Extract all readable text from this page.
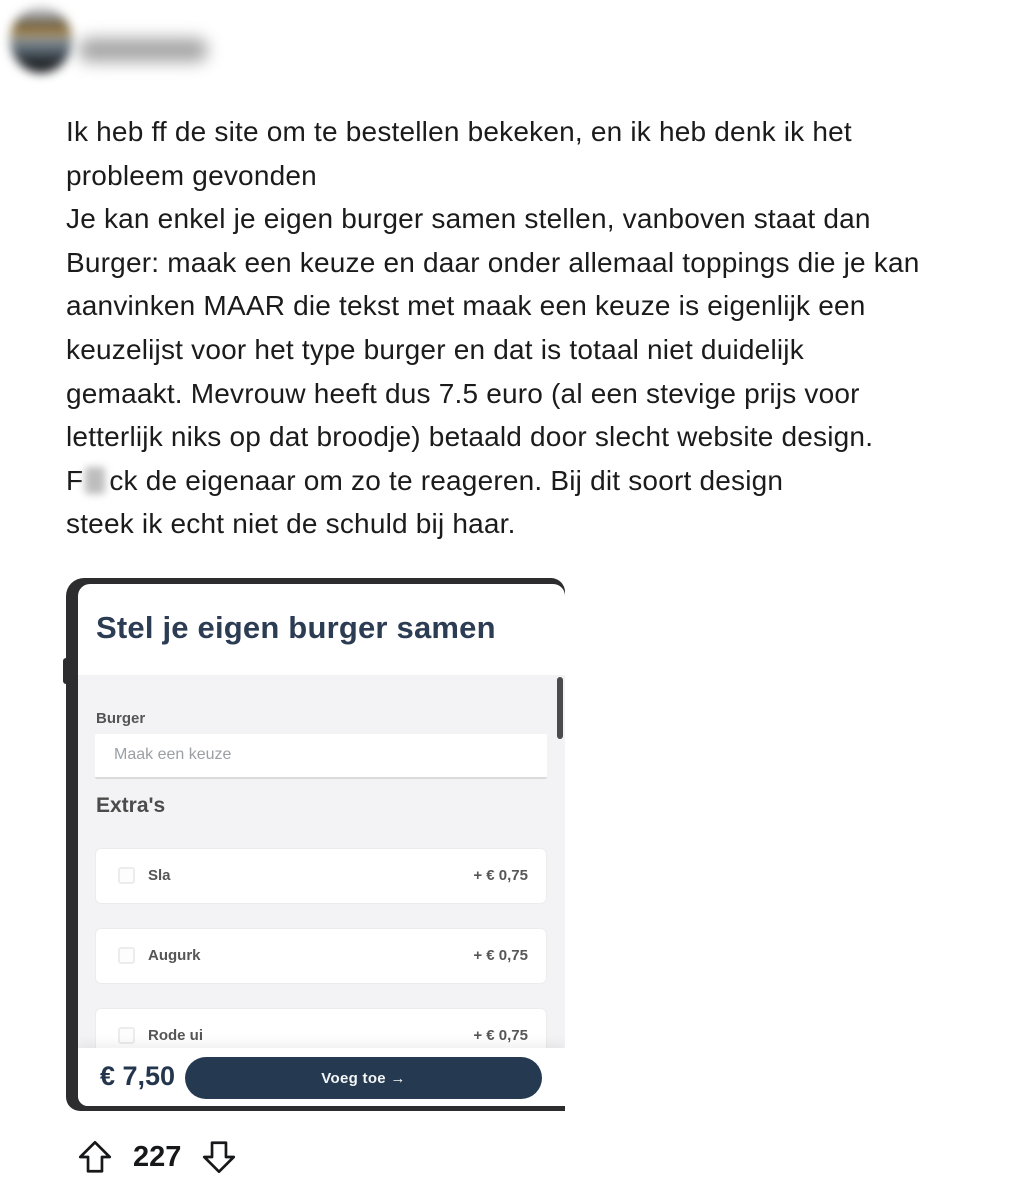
Ik heb ff de site om te bestellen bekeken, en ik heb denk ik het
probleem gevonden
Je kan enkel je eigen burger samen stellen, vanboven staat dan
Burger: maak een keuze en daar onder allemaal toppings die je kan
aanvinken MAAR die tekst met maak een keuze is eigenlijk een
keuzelijst voor het type burger en dat is totaal niet duidelijk
gemaakt. Mevrouw heeft dus 7.5 euro (al een stevige prijs voor
letterlijk niks op dat broodje) betaald door slecht website design.
F ck de eigenaar om zo te reageren. Bij dit soort design
steek ik echt niet de schuld bij haar.
Stel je eigen burger samen
Burger
Maak een keuze
Extra's
Sla	+ € 0,75
Augurk	+ € 0,75
Rode ui	+ € 0,75
€ 7,50	Voeg toe →
227
